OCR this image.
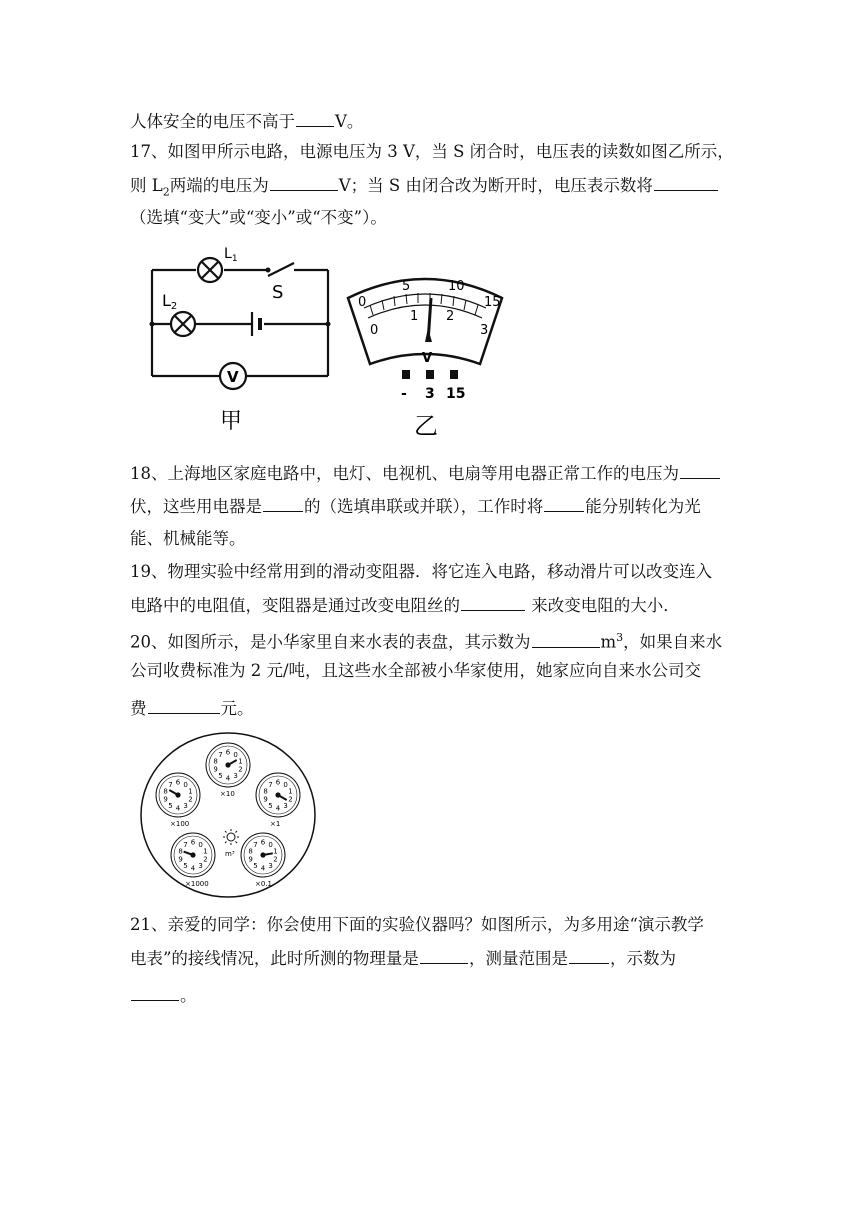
人体安全的电压不高于 V。
17、如图甲所示电路，电源电压为 3 V，当 S 闭合时，电压表的读数如图乙所示，
则 $L_2$两端的电压为	V；当 S 由闭合改为断开时，电压表示数将
（选填“变大”或“变小”或“不变”）。
$L_1$
L2
S
V
甲
0
5	10
15
0
1 2
3
V
- 3 15
乙
18、上海地区家庭电路中，电灯、电视机、电扇等用电器正常工作的电压为
伏，这些用电器是	的（选填串联或并联），工作时将	能分别转化为光
能、机械能等。
19、物理实验中经常用到的滑动变阻器．将它连入电路，移动滑片可以改变连入
电路中的电阻值，变阻器是通过改变电阻丝的	来改变电阻的大小．
20、如图所示，是小华家里自来水表的表盘，其示数为	$m^3$，如果自来水
公司收费标准为 2 元/吨，且这些水全部被小华家使用，她家应向自来水公司交
费	元。
6 0
1
2
3
4
5
9
8
7
×10
6 0
1
2
3
4
5
9
8
7
×100
6 0
1
2
3
4
5
9
8
7
×1
6 0
1
2
3
4
5
9
8
7
×1000
6 0
1
2
3
4
5
9
8
7
×0.1
m³
21、亲爱的同学：你会使用下面的实验仪器吗？如图所示，为多用途“演示教学
电表”的接线情况，此时所测的物理量是	，测量范围是	，示数为
。
